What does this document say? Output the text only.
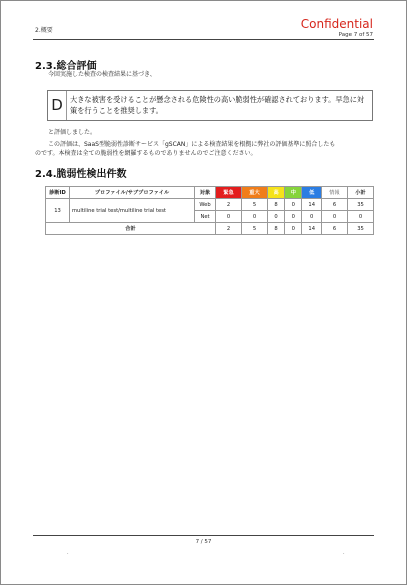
2.概要	Confidential
Page 7 of 57
2.3.総合評価

今回実施した検査の検査結果に基づき、

D	大きな被害を受けることが懸念される危険性の高い脆弱性が確認されております。早急に対策を行うことを推奨します。

と評価しました。

この評価は、SaaS型脆弱性診断サービス「gSCAN」による検査結果を根拠に弊社の評価基準に照合したも

のです。本検査は全ての脆弱性を網羅するものでありませんのでご注意ください。

2.4.脆弱性検出件数
診断ID	プロファイル/サブプロファイル	対象	緊急	重大	高	中	低	情報	小計
13	multiline trial test/multiline trial test	Web	2	5	8	0	14	6	35
		Net	0	0	0	0	0	0	0
合計			2	5	8	0	14	6	35
7 / 57
.	.
